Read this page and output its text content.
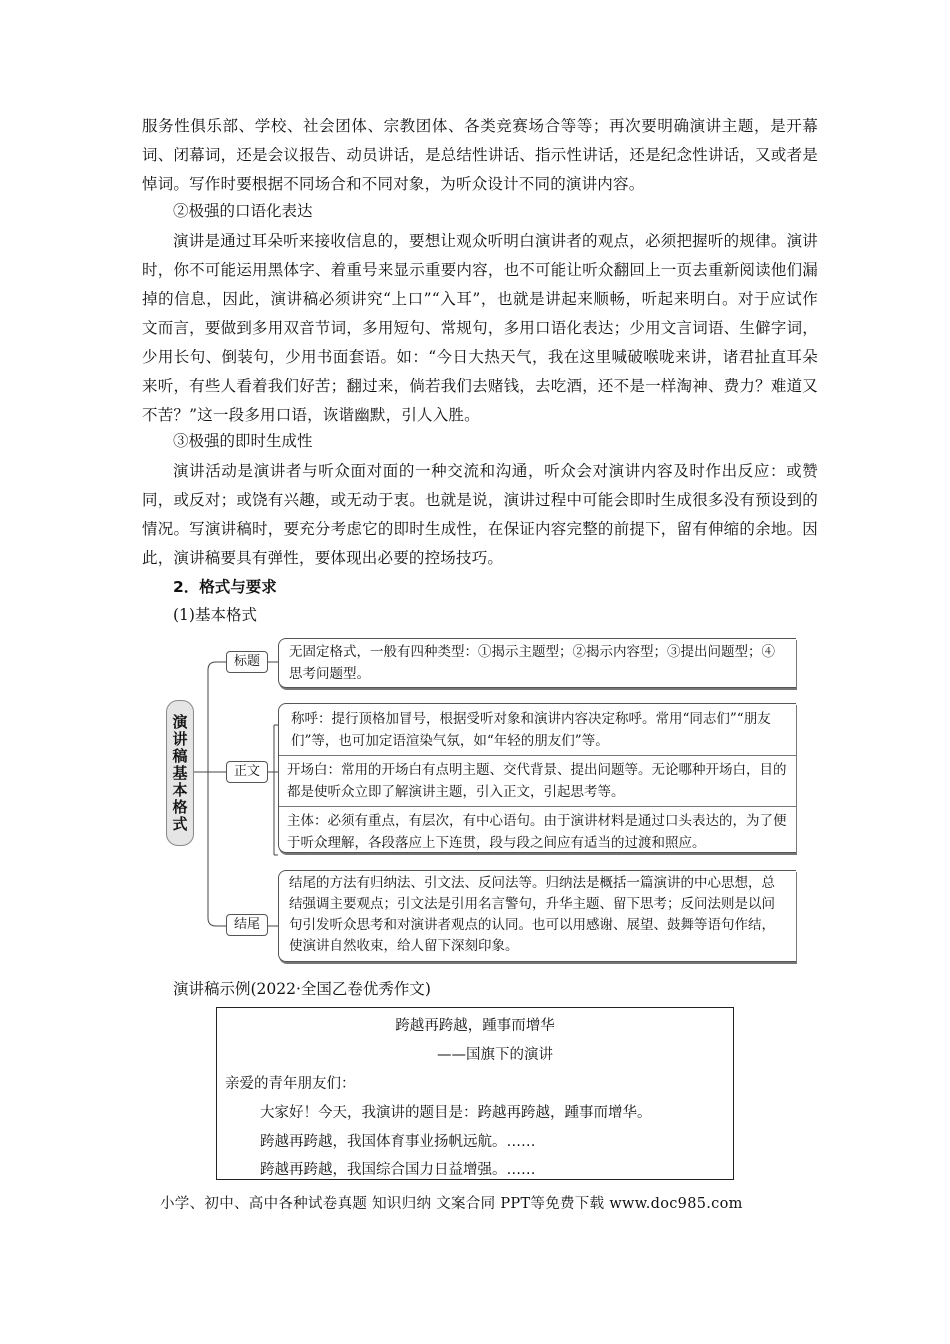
服务性俱乐部、学校、社会团体、宗教团体、各类竞赛场合等等；再次要明确演讲主题，是开幕词、闭幕词，还是会议报告、动员讲话，是总结性讲话、指示性讲话，还是纪念性讲话，又或者是悼词。写作时要根据不同场合和不同对象，为听众设计不同的演讲内容。

②极强的口语化表达

演讲是通过耳朵听来接收信息的，要想让观众听明白演讲者的观点，必须把握听的规律。演讲时，你不可能运用黑体字、着重号来显示重要内容，也不可能让听众翻回上一页去重新阅读他们漏掉的信息，因此，演讲稿必须讲究“上口”“入耳”，也就是讲起来顺畅，听起来明白。对于应试作文而言，要做到多用双音节词，多用短句、常规句，多用口语化表达；少用文言词语、生僻字词，少用长句、倒装句，少用书面套语。如：“今日大热天气，我在这里喊破喉咙来讲，诸君扯直耳朵来听，有些人看着我们好苦；翻过来，倘若我们去赌钱，去吃酒，还不是一样淘神、费力？难道又不苦？”这一段多用口语，诙谐幽默，引人入胜。

③极强的即时生成性

演讲活动是演讲者与听众面对面的一种交流和沟通，听众会对演讲内容及时作出反应：或赞同，或反对；或饶有兴趣，或无动于衷。也就是说，演讲过程中可能会即时生成很多没有预设到的情况。写演讲稿时，要充分考虑它的即时生成性，在保证内容完整的前提下，留有伸缩的余地。因此，演讲稿要具有弹性，要体现出必要的控场技巧。

2．格式与要求
(1)基本格式
演讲稿基本格式
标题
正文
结尾
无固定格式，一般有四种类型：①揭示主题型；②揭示内容型；③提出问题型；④思考问题型。
称呼：提行顶格加冒号，根据受听对象和演讲内容决定称呼。常用“同志们”“朋友们”等，也可加定语渲染气氛，如“年轻的朋友们”等。
开场白：常用的开场白有点明主题、交代背景、提出问题等。无论哪种开场白，目的都是使听众立即了解演讲主题，引入正文，引起思考等。
主体：必须有重点，有层次，有中心语句。由于演讲材料是通过口头表达的，为了便于听众理解，各段落应上下连贯，段与段之间应有适当的过渡和照应。
结尾的方法有归纳法、引文法、反问法等。归纳法是概括一篇演讲的中心思想，总结强调主要观点；引文法是引用名言警句，升华主题、留下思考；反问法则是以问句引发听众思考和对演讲者观点的认同。也可以用感谢、展望、鼓舞等语句作结，使演讲自然收束，给人留下深刻印象。
演讲稿示例(2022·全国乙卷优秀作文)
跨越再跨越，踵事而增华
——国旗下的演讲
亲爱的青年朋友们：
大家好！今天，我演讲的题目是：跨越再跨越，踵事而增华。
跨越再跨越，我国体育事业扬帆远航。……
跨越再跨越，我国综合国力日益增强。……
小学、初中、高中各种试卷真题 知识归纳 文案合同 PPT等免费下载 www.doc985.com
